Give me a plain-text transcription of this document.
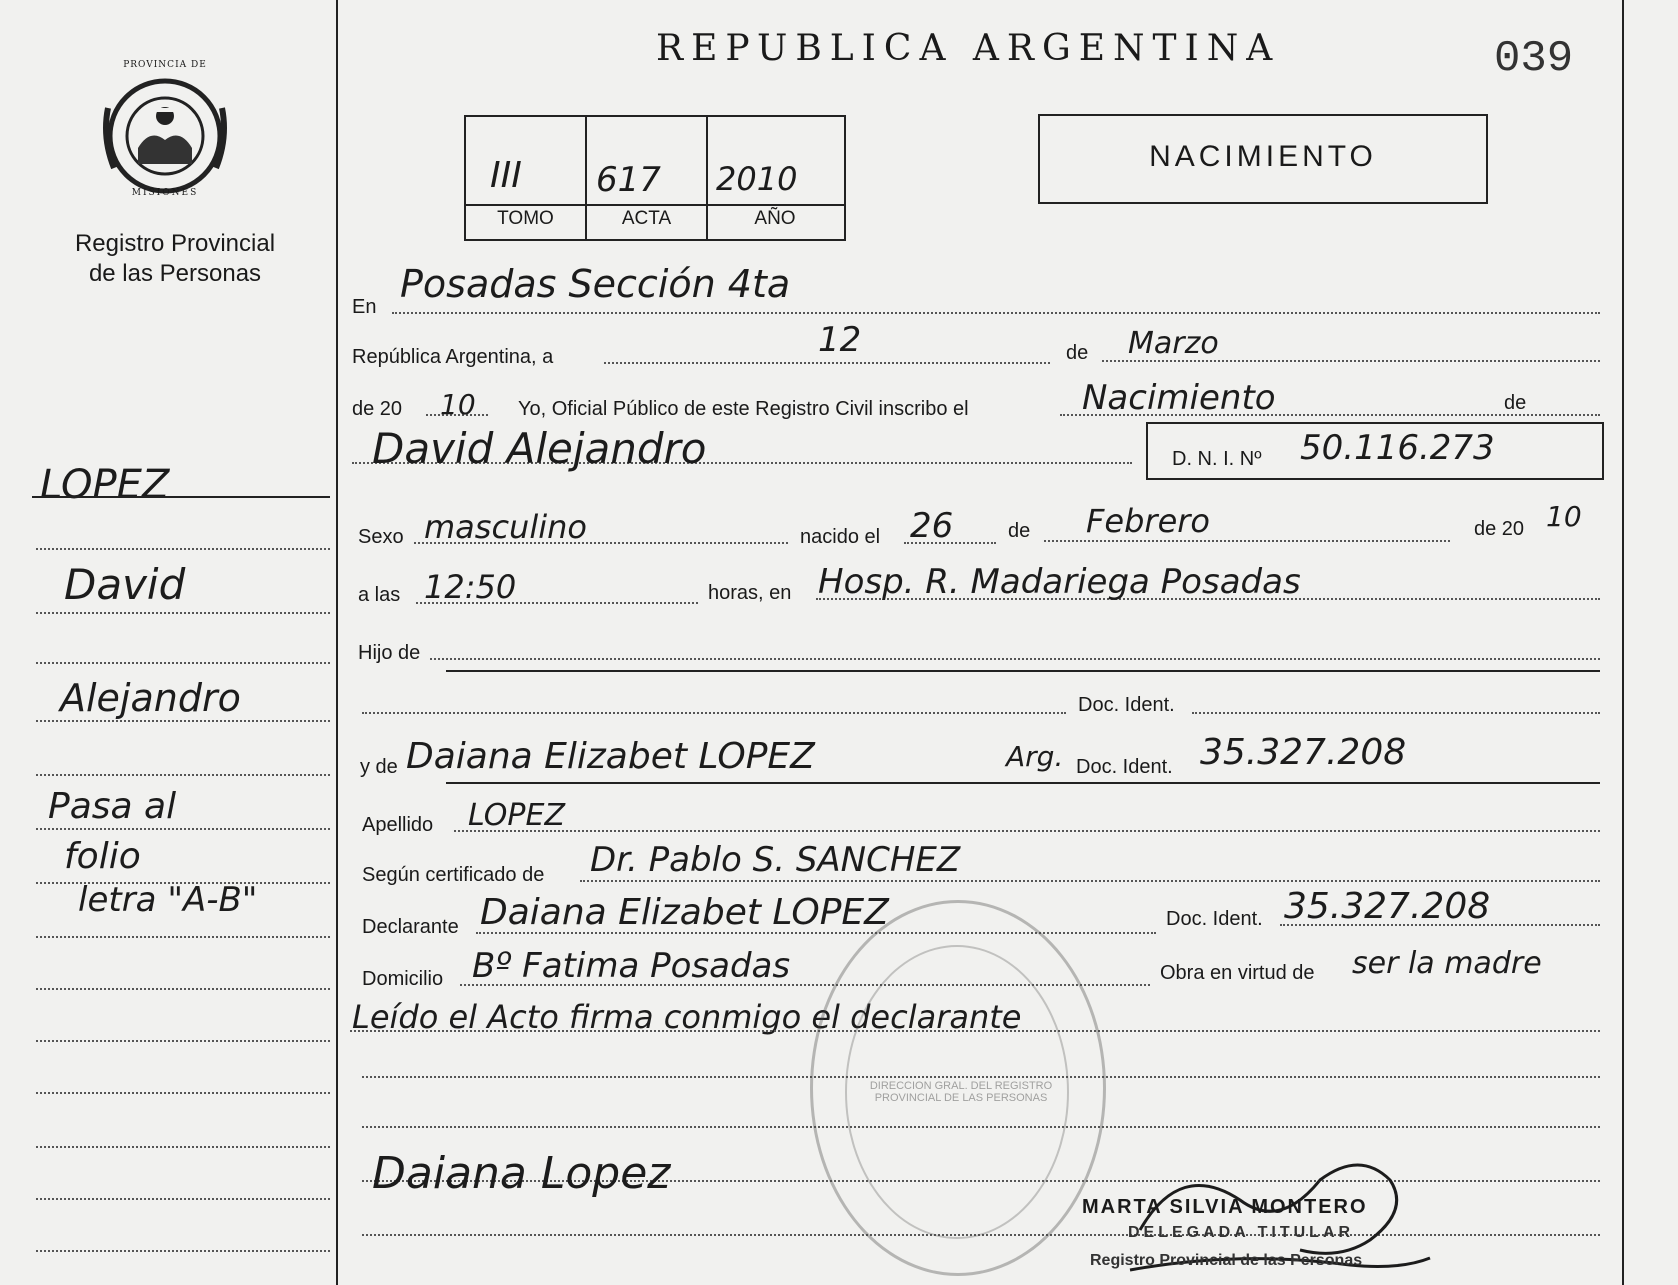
PROVINCIA DE
MISIONES
Registro Provincial
de las Personas
REPUBLICA ARGENTINA	039
III 617 2010
TOMO	ACTA	AÑO
NACIMIENTO
En
Posadas Sección 4ta
República Argentina, a	12	de Marzo
de 20 10 Yo, Oficial Público de este Registro Civil inscribo el	Nacimiento	de
David Alejandro	D. N. I. Nº 50.116.273
Sexo masculino	nacido el 26	de Febrero	de 20 10
a las 12:50	horas, en Hosp. R. Madariega Posadas
Hijo de
Doc. Ident.
y de Daiana Elizabet LOPEZ	Arg. Doc. Ident. 35.327.208
Apellido LOPEZ
Según certificado de Dr. Pablo S. SANCHEZ
Declarante Daiana Elizabet LOPEZ	Doc. Ident. 35.327.208
Domicilio Bº Fatima Posadas	Obra en virtud de ser la madre
Leído el Acto firma conmigo el declarante
DIRECCION GRAL. DEL REGISTRO PROVINCIAL DE LAS PERSONAS
Daiana Lopez
MARTA SILVIA MONTERO
DELEGADA TITULAR
Registro Provincial de las Personas
LOPEZ
David
Alejandro
Pasa al
folio
letra "A-B"
